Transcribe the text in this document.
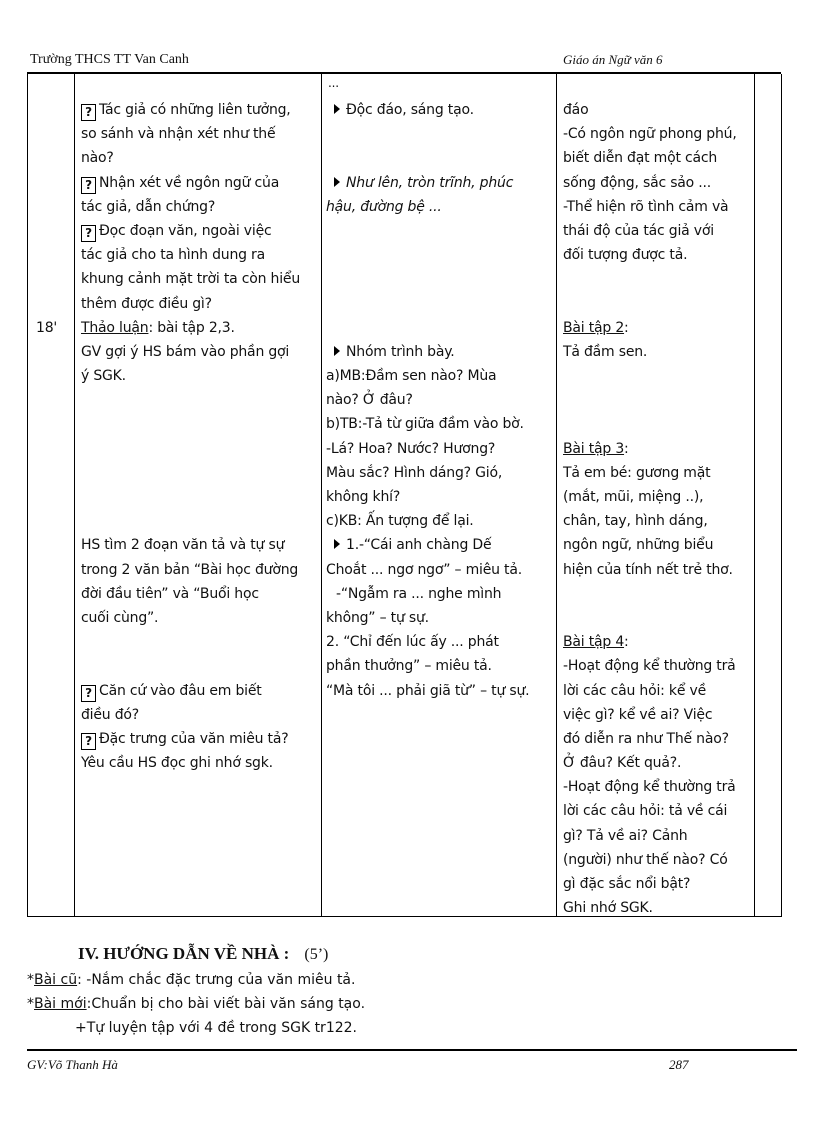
Trường THCS TT Van Canh	Giáo án Ngữ văn 6
18'
? Tác giả có những liên tưởng,
so sánh và nhận xét như thế
nào?
? Nhận xét về ngôn ngữ của
tác giả, dẫn chứng?
? Đọc đoạn văn, ngoài việc
tác giả cho ta hình dung ra
khung cảnh mặt trời ta còn hiểu
thêm được điều gì?
Thảo luận: bài tập 2,3.
GV gợi ý HS bám vào phần gợi
ý SGK.
HS tìm 2 đoạn văn tả và tự sự
trong 2 văn bản “Bài học đường
đời đầu tiên” và “Buổi học
cuối cùng”.
? Căn cứ vào đâu em biết
điều đó?
? Đặc trưng của văn miêu tả?
Yêu cầu HS đọc ghi nhớ sgk.
...
Độc đáo, sáng tạo.
Như lên, tròn trĩnh, phúc
hậu, đường bệ ...
Nhóm trình bày.
a)MB:Đầm sen nào? Mùa
nào? Ở đâu?
b)TB:-Tả từ giữa đầm vào bờ.
-Lá? Hoa? Nước? Hương?
Màu sắc? Hình dáng? Gió,
không khí?
c)KB: Ấn tượng để lại.
1.-“Cái anh chàng Dế
Choắt ... ngơ ngơ” – miêu tả.
-“Ngẫm ra ... nghe mình
không” – tự sự.
2. “Chỉ đến lúc ấy ... phát
phần thưởng” – miêu tả.
“Mà tôi ... phải giã từ” – tự sự.
đáo
-Có ngôn ngữ phong phú,
biết diễn đạt một cách
sống động, sắc sảo ...
-Thể hiện rõ tình cảm và
thái độ của tác giả với
đối tượng được tả.
Bài tập 2:
Tả đầm sen.
Bài tập 3:
Tả em bé: gương mặt
(mắt, mũi, miệng ..),
chân, tay, hình dáng,
ngôn ngữ, những biểu
hiện của tính nết trẻ thơ.
Bài tập 4:
-Hoạt động kể thường trả
lời các câu hỏi: kể về
việc gì? kể về ai? Việc
đó diễn ra như Thế nào?
Ở đâu? Kết quả?.
-Hoạt động kể thường trả
lời các câu hỏi: tả về cái
gì? Tả về ai? Cảnh
(người) như thế nào? Có
gì đặc sắc nổi bật?
Ghi nhớ SGK.
IV. HƯỚNG DẪN VỀ NHÀ : (5’)
*Bài cũ: -Nắm chắc đặc trưng của văn miêu tả.
*Bài mới:Chuẩn bị cho bài viết bài văn sáng tạo.
+Tự luyện tập với 4 đề trong SGK tr122.
GV:Võ Thanh Hà	287
